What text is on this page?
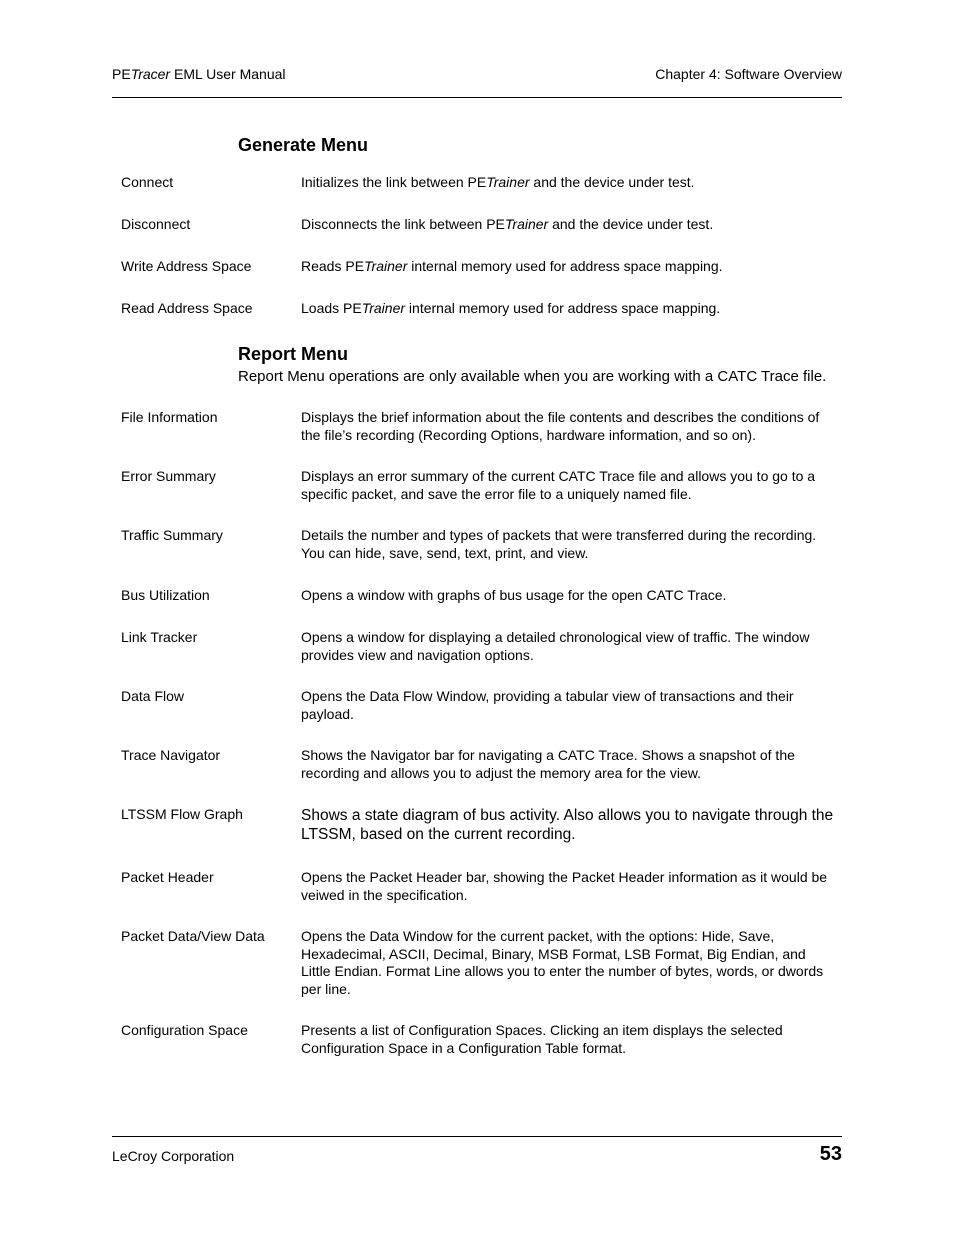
PETracer EML User Manual	Chapter 4: Software Overview
Generate Menu
Connect	Initializes the link between PETrainer and the device under test.
Disconnect	Disconnects the link between PETrainer and the device under test.
Write Address Space	Reads PETrainer internal memory used for address space mapping.
Read Address Space	Loads PETrainer internal memory used for address space mapping.
Report Menu
Report Menu operations are only available when you are working with a CATC Trace file.
File Information	Displays the brief information about the file contents and describes the conditions of the file’s recording (Recording Options, hardware information, and so on).
Error Summary	Displays an error summary of the current CATC Trace file and allows you to go to a specific packet, and save the error file to a uniquely named file.
Traffic Summary	Details the number and types of packets that were transferred during the recording. You can hide, save, send, text, print, and view.
Bus Utilization	Opens a window with graphs of bus usage for the open CATC Trace.
Link Tracker	Opens a window for displaying a detailed chronological view of traffic. The window provides view and navigation options.
Data Flow	Opens the Data Flow Window, providing a tabular view of transactions and their payload.
Trace Navigator	Shows the Navigator bar for navigating a CATC Trace. Shows a snapshot of the recording and allows you to adjust the memory area for the view.
LTSSM Flow Graph	Shows a state diagram of bus activity. Also allows you to navigate through the LTSSM, based on the current recording.
Packet Header	Opens the Packet Header bar, showing the Packet Header information as it would be veiwed in the specification.
Packet Data/View Data	Opens the Data Window for the current packet, with the options: Hide, Save, Hexadecimal, ASCII, Decimal, Binary, MSB Format, LSB Format, Big Endian, and Little Endian. Format Line allows you to enter the number of bytes, words, or dwords per line.
Configuration Space	Presents a list of Configuration Spaces. Clicking an item displays the selected Configuration Space in a Configuration Table format.
LeCroy Corporation	53
